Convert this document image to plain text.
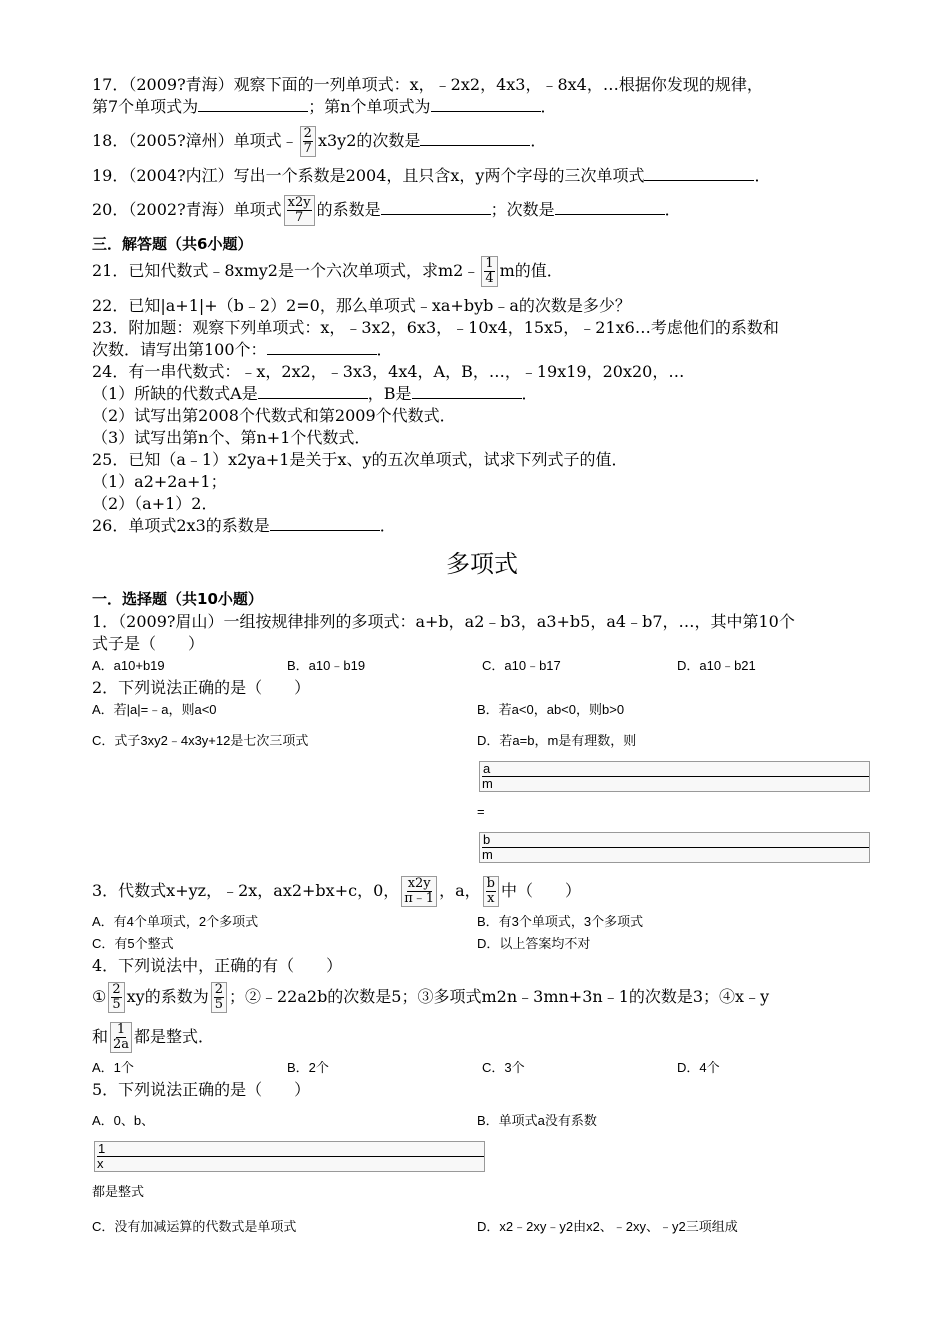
17．（2009?青海）观察下面的一列单项式：x，﹣2x2，4x3，﹣8x4，…根据你发现的规律，
第7个单项式为	；第n个单项式为	．
18．（2005?漳州）单项式﹣ $\frac{2}{7} x3y2$的次数是	．
19．（2004?内江）写出一个系数是2004，且只含x，y两个字母的三次单项式	．
20．（2002?青海）单项式 $\frac{x2y}{7}$ 的系数是	；次数是	．
三．解答题（共6小题）
21．已知代数式﹣8xmy2是一个六次单项式，求m2﹣ $\frac{1}{4}$ m的值．
22．已知|a+1|+（b﹣2）2=0，那么单项式﹣xa+byb﹣a的次数是多少？
23．附加题：观察下列单项式：x，﹣3x2，6x3，﹣10x4，15x5，﹣21x6…考虑他们的系数和
次数．请写出第100个：	．
24．有一串代数式：﹣x，2x2，﹣3x3，4x4，A，B，…，﹣19x19，20x20，…
（1）所缺的代数式A是	，B是	．
（2）试写出第2008个代数式和第2009个代数式．
（3）试写出第n个、第n+1个代数式．
25．已知（a﹣1）x2ya+1是关于x、y的五次单项式，试求下列式子的值．
（1）a2+2a+1；
（2）（a+1）2．
26．单项式2x3的系数是	．
多项式
一．选择题（共10小题）
1．（2009?眉山）一组按规律排列的多项式：a+b，a2﹣b3，a3+b5，a4﹣b7，…，其中第10个
式子是（　　）
A．a10+b19	B．a10﹣b19	C．a10﹣b17	D．a10﹣b21
2．下列说法正确的是（　　）
A．若|a|=﹣a，则a<0	B．若a<0，ab<0，则b>0
C．式子3xy2﹣4x3y+12是七次三项式	D．若a=b，m是有理数，则
a
m
=
b
m
3．代数式x+yz，﹣2x，ax2+bx+c，0， $\frac{x2y}{\pi﹣1}$ ，a， $\frac{b}{x}$ 中（　　）
A．有4个单项式，2个多项式	B．有3个单项式，3个多项式
C．有5个整式	D．以上答案均不对
4．下列说法中，正确的有（　　）
① $\frac{2}{5}$ xy的系数为 $\frac{2}{5}$ ；②﹣22a2b的次数是5；③多项式m2n﹣3mn+3n﹣1的次数是3；④x﹣y
和 $\frac{1}{2a}$ 都是整式．
A．1个	B．2个	C．3个	D．4个
5．下列说法正确的是（　　）
A．0、b、
1
x
都是整式
B．单项式a没有系数
C．没有加减运算的代数式是单项式	D．x2﹣2xy﹣y2由x2、﹣2xy、﹣y2三项组成
